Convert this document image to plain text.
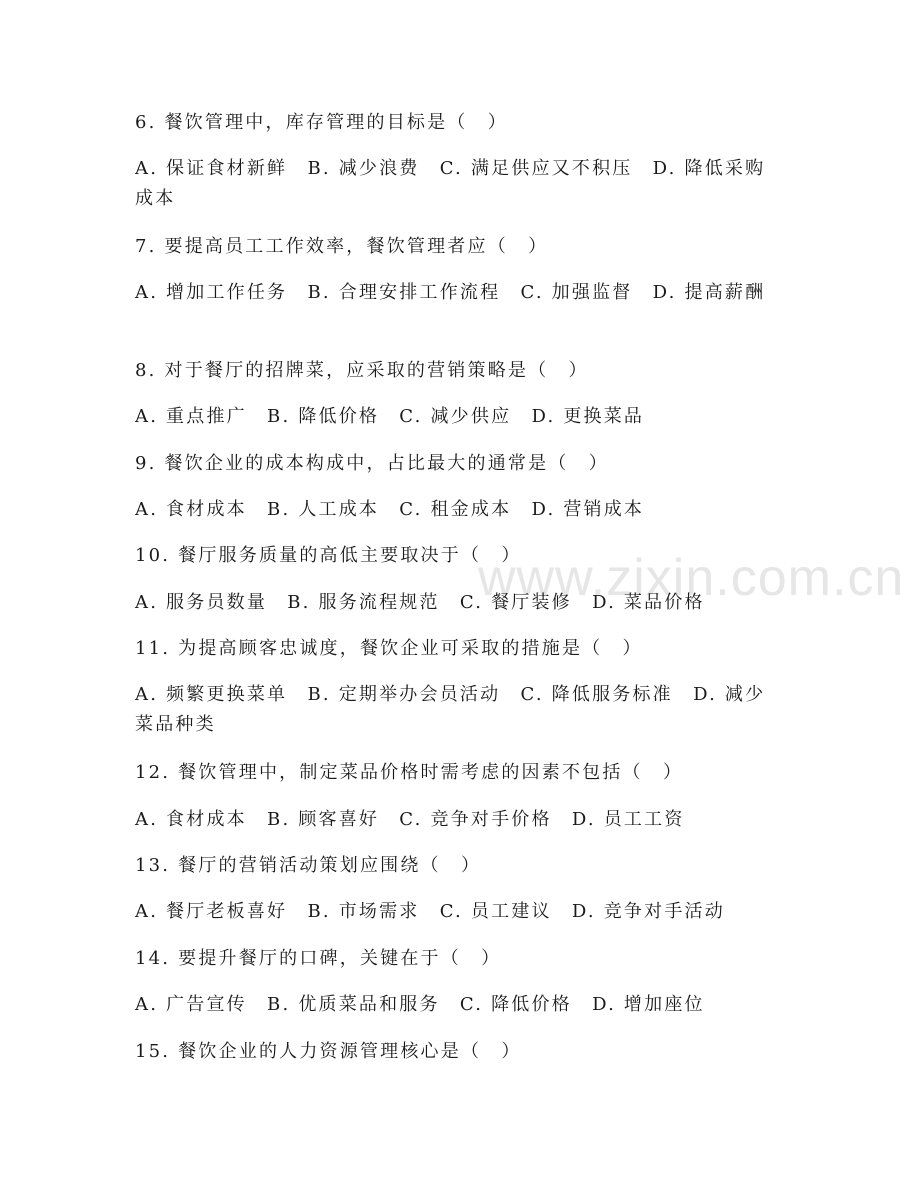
www.zixin.com.cn
6. 餐饮管理中，库存管理的目标是（　）
A. 保证食材新鲜　B. 减少浪费　C. 满足供应又不积压　D. 降低采购成本
7. 要提高员工工作效率，餐饮管理者应（　）
A. 增加工作任务　B. 合理安排工作流程　C. 加强监督　D. 提高薪酬
8. 对于餐厅的招牌菜，应采取的营销策略是（　）
A. 重点推广　B. 降低价格　C. 减少供应　D. 更换菜品
9. 餐饮企业的成本构成中，占比最大的通常是（　）
A. 食材成本　B. 人工成本　C. 租金成本　D. 营销成本
10. 餐厅服务质量的高低主要取决于（　）
A. 服务员数量　B. 服务流程规范　C. 餐厅装修　D. 菜品价格
11. 为提高顾客忠诚度，餐饮企业可采取的措施是（　）
A. 频繁更换菜单　B. 定期举办会员活动　C. 降低服务标准　D. 减少菜品种类
12. 餐饮管理中，制定菜品价格时需考虑的因素不包括（　）
A. 食材成本　B. 顾客喜好　C. 竞争对手价格　D. 员工工资
13. 餐厅的营销活动策划应围绕（　）
A. 餐厅老板喜好　B. 市场需求　C. 员工建议　D. 竞争对手活动
14. 要提升餐厅的口碑，关键在于（　）
A. 广告宣传　B. 优质菜品和服务　C. 降低价格　D. 增加座位
15. 餐饮企业的人力资源管理核心是（　）
